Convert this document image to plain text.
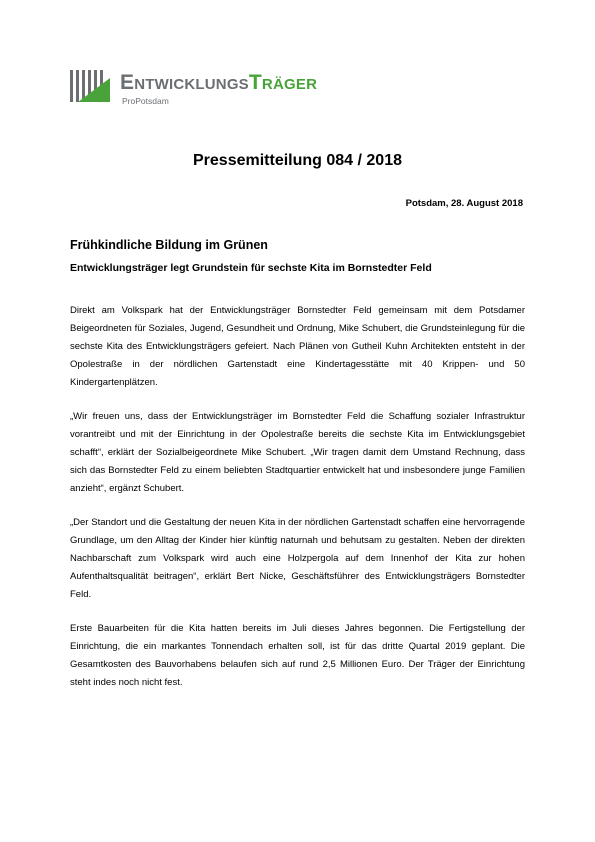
EntwicklungsTräger
ProPotsdam
Pressemitteilung 084 / 2018
Potsdam, 28. August 2018
Frühkindliche Bildung im Grünen
Entwicklungsträger legt Grundstein für sechste Kita im Bornstedter Feld

Direkt am Volkspark hat der Entwicklungsträger Bornstedter Feld gemeinsam mit dem Potsdamer Beigeordneten für Soziales, Jugend, Gesundheit und Ordnung, Mike Schubert, die Grundsteinlegung für die sechste Kita des Entwicklungsträgers gefeiert. Nach Plänen von Gutheil Kuhn Architekten entsteht in der Opolestraße in der nördlichen Gartenstadt eine Kindertagesstätte mit 40 Krippen- und 50 Kindergartenplätzen.

„Wir freuen uns, dass der Entwicklungsträger im Bornstedter Feld die Schaffung sozialer Infrastruktur vorantreibt und mit der Einrichtung in der Opolestraße bereits die sechste Kita im Entwicklungsgebiet schafft“, erklärt der Sozialbeigeordnete Mike Schubert. „Wir tragen damit dem Umstand Rechnung, dass sich das Bornstedter Feld zu einem beliebten Stadtquartier entwickelt hat und insbesondere junge Familien anzieht“, ergänzt Schubert.

„Der Standort und die Gestaltung der neuen Kita in der nördlichen Gartenstadt schaffen eine hervorragende Grundlage, um den Alltag der Kinder hier künftig naturnah und behutsam zu gestalten. Neben der direkten Nachbarschaft zum Volkspark wird auch eine Holzpergola auf dem Innenhof der Kita zur hohen Aufenthaltsqualität beitragen“, erklärt Bert Nicke, Geschäftsführer des Entwicklungsträgers Bornstedter Feld.

Erste Bauarbeiten für die Kita hatten bereits im Juli dieses Jahres begonnen. Die Fertigstellung der Einrichtung, die ein markantes Tonnendach erhalten soll, ist für das dritte Quartal 2019 geplant. Die Gesamtkosten des Bauvorhabens belaufen sich auf rund 2,5 Millionen Euro. Der Träger der Einrichtung steht indes noch nicht fest.
